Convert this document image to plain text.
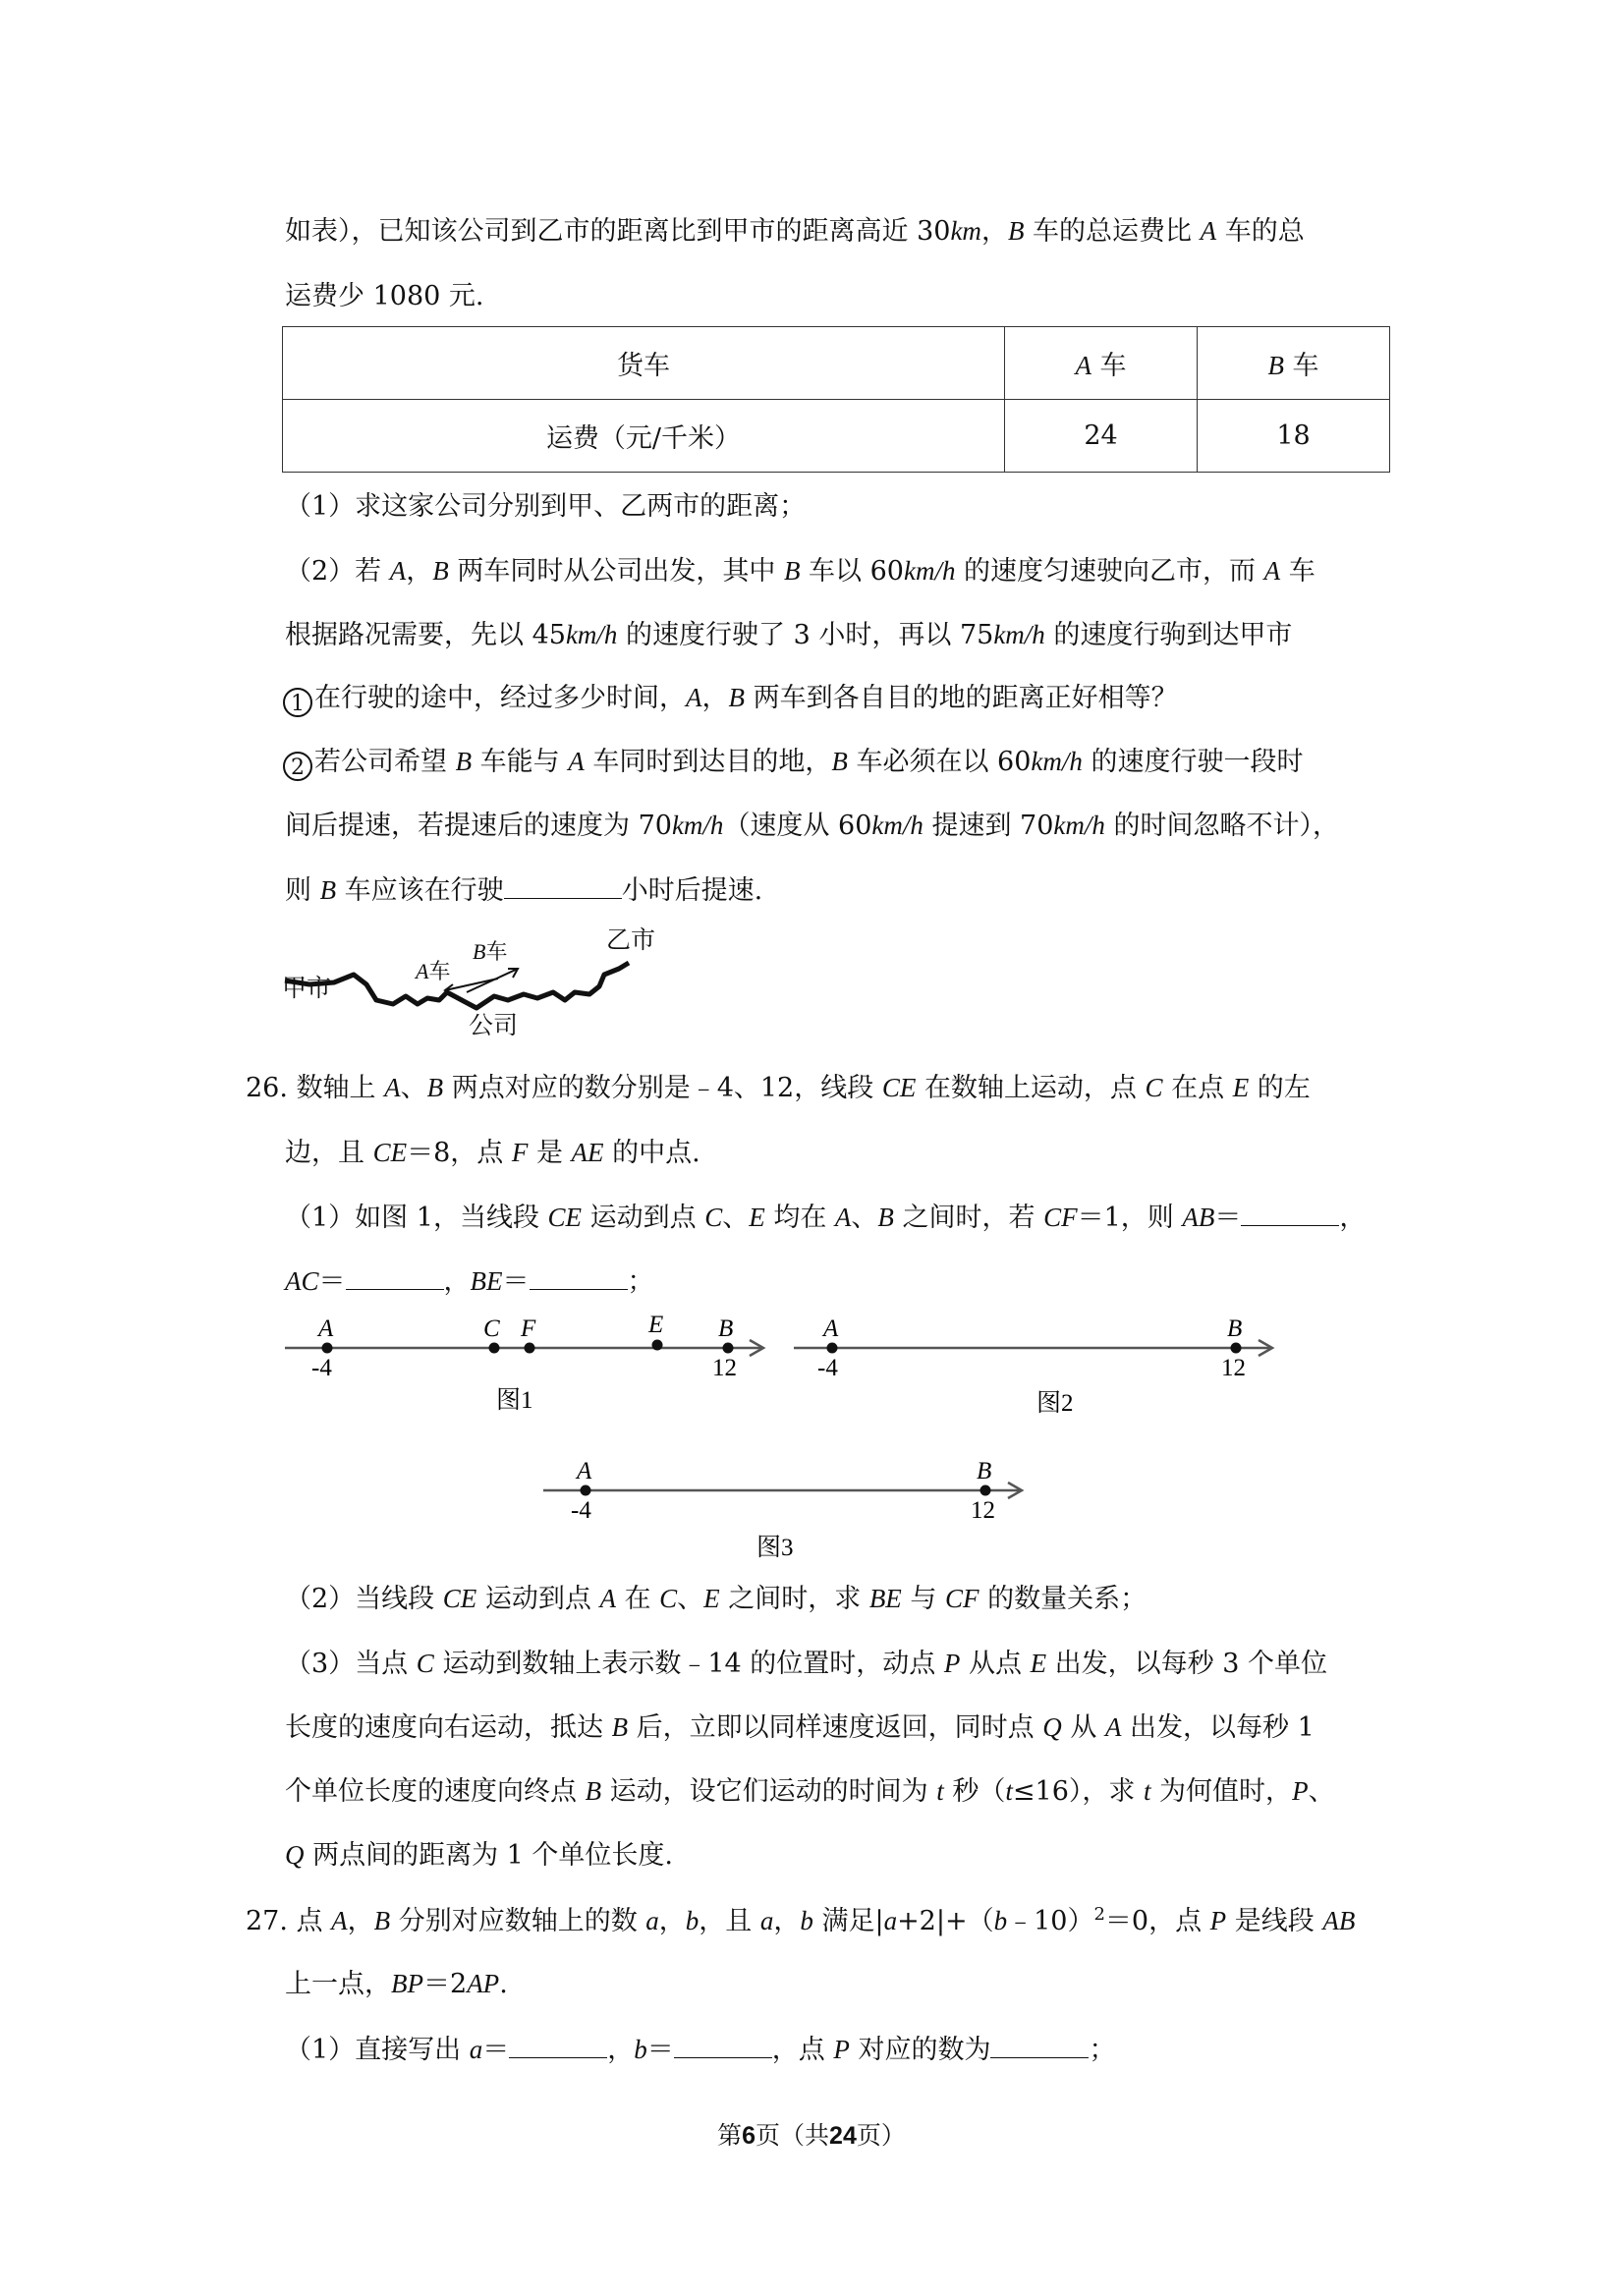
如表），已知该公司到乙市的距离比到甲市的距离高近 30km，B 车的总运费比 A 车的总
运费少 1080 元.
货车	A 车	B 车
运费（元/千米）	24	18
（1）求这家公司分别到甲、乙两市的距离；
（2）若 A，B 两车同时从公司出发，其中 B 车以 60km/h 的速度匀速驶向乙市，而 A 车
根据路况需要，先以 45km/h 的速度行驶了 3 小时，再以 75km/h 的速度行驹到达甲市
1 在行驶的途中，经过多少时间，A，B 两车到各自目的地的距离正好相等？
2 若公司希望 B 车能与 A 车同时到达目的地，B 车必须在以 60km/h 的速度行驶一段时
间后提速，若提速后的速度为 70km/h（速度从 60km/h 提速到 70km/h 的时间忽略不计），
则 B 车应该在行驶	小时后提速.
甲市
乙市
公司
A车
B车
26. 数轴上 A、B 两点对应的数分别是﹣4、12，线段 CE 在数轴上运动，点 C 在点 E 的左
边，且 CE＝8，点 F 是 AE 的中点.
（1）如图 1，当线段 CE 运动到点 C、E 均在 A、B 之间时，若 CF＝1，则 AB＝	，
AC＝	，BE＝	；
A	C F	E B
-4	12
图1
A	B
-4	12
图2
A	B
-4	12
图3
（2）当线段 CE 运动到点 A 在 C、E 之间时，求 BE 与 CF 的数量关系；
（3）当点 C 运动到数轴上表示数﹣14 的位置时，动点 P 从点 E 出发，以每秒 3 个单位
长度的速度向右运动，抵达 B 后，立即以同样速度返回，同时点 Q 从 A 出发，以每秒 1
个单位长度的速度向终点 B 运动，设它们运动的时间为 t 秒（t≤16），求 t 为何值时，P、
Q 两点间的距离为 1 个单位长度.
27. 点 A，B 分别对应数轴上的数 a，b，且 a，b 满足|a+2|+（b﹣10）$^2$＝0，点 P 是线段 AB
上一点，BP＝2AP.
（1）直接写出 a＝	，b＝	，点 P 对应的数为	；
第6页（共24页）
